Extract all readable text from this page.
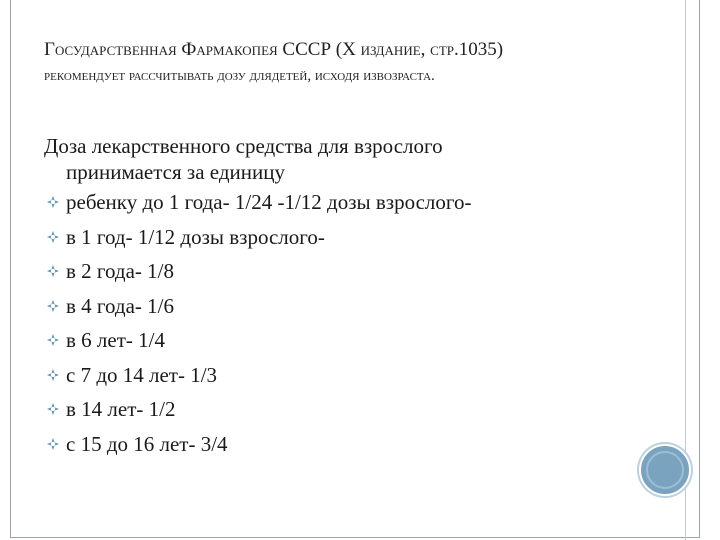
Государственная Фармакопея СССР (X издание, стр.1035)
рекомендует рассчитывать дозу длядетей, исходя извозраста.

Доза лекарственного средства для взрослого
принимается за единицу

ребенку до 1 года- 1/24 -1/12 дозы взрослого-
в 1 год- 1/12 дозы взрослого-
в 2 года- 1/8
в 4 года- 1/6
в 6 лет- 1/4
с 7 до 14 лет- 1/3
в 14 лет- 1/2
с 15 до 16 лет- 3/4
